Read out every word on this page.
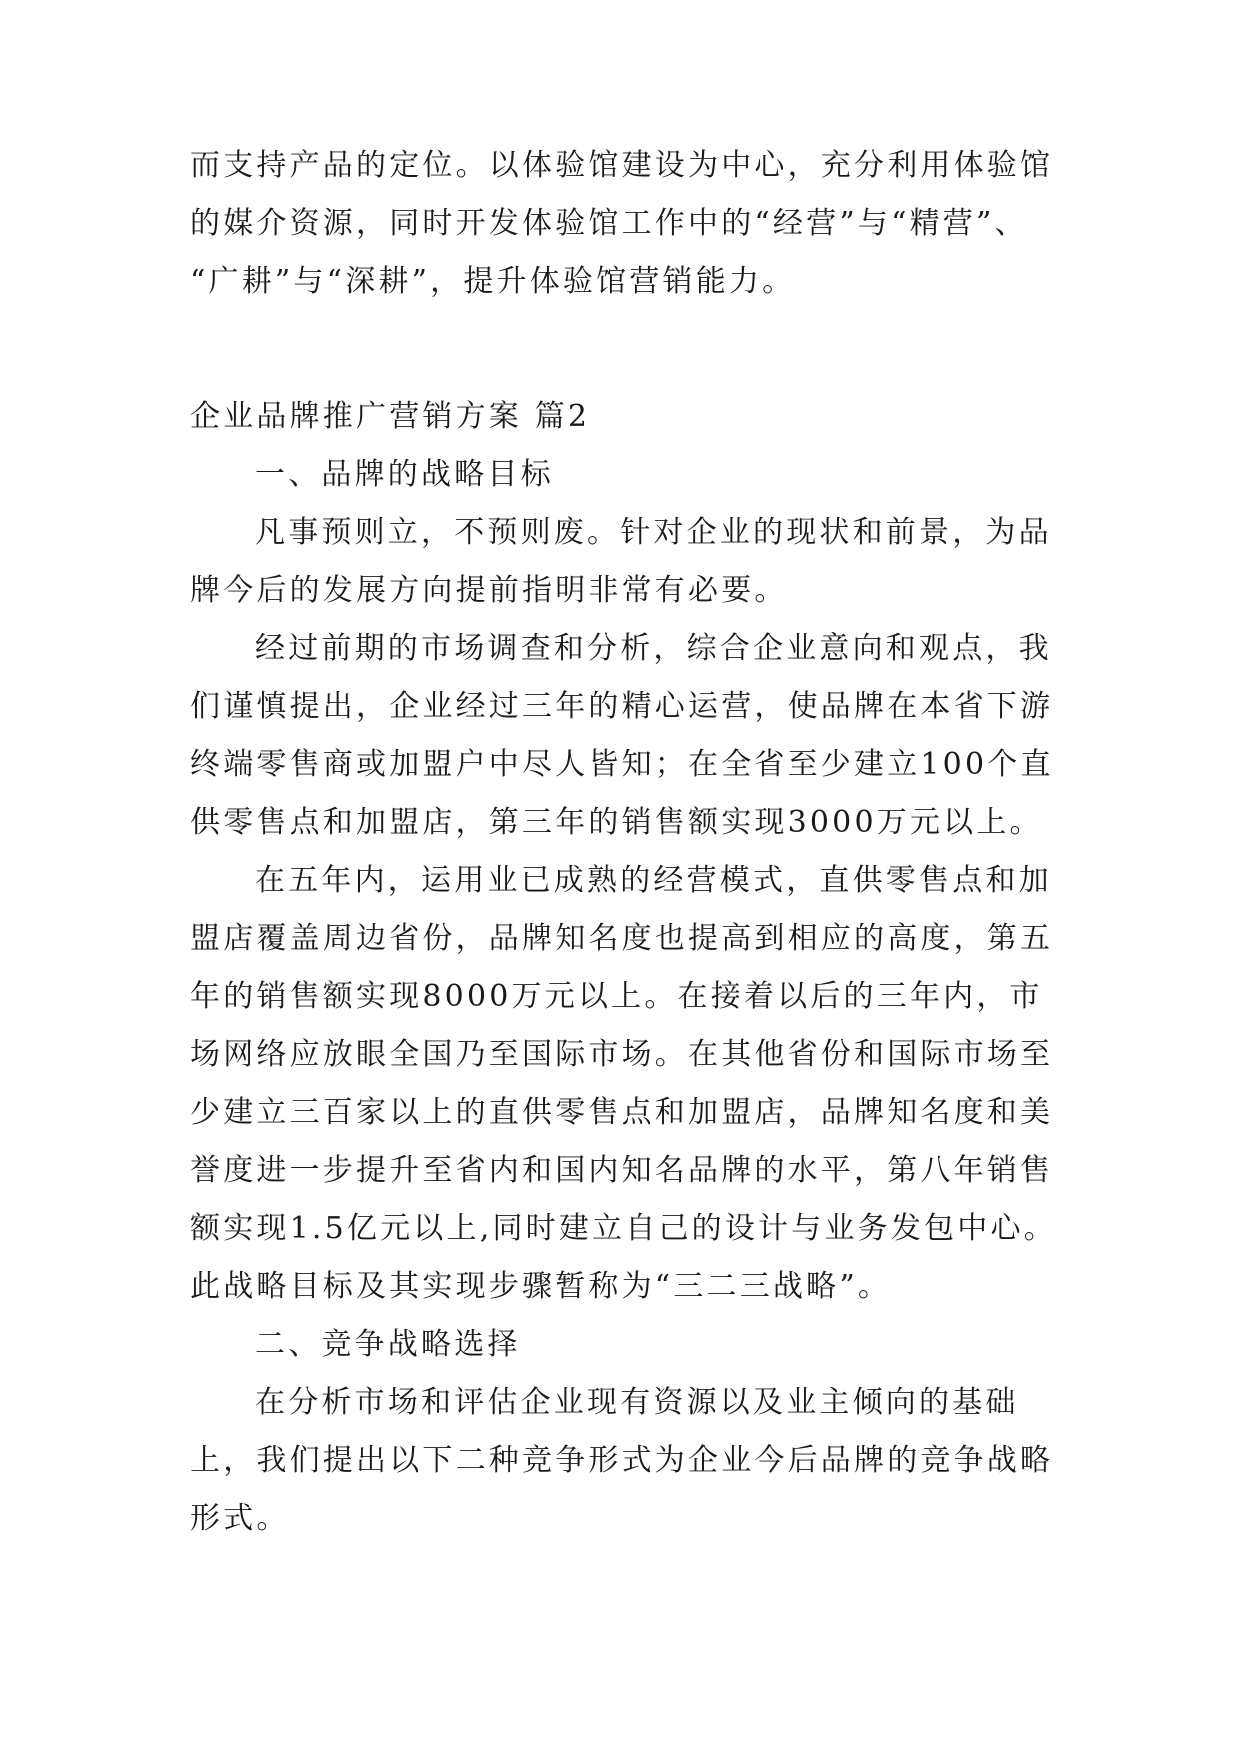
而支持产品的定位。以体验馆建设为中心，充分利用体验馆
的媒介资源，同时开发体验馆工作中的“经营”与“精营”、
“广耕”与“深耕”，提升体验馆营销能力。
企业品牌推广营销方案 篇2
一、品牌的战略目标
凡事预则立，不预则废。针对企业的现状和前景，为品
牌今后的发展方向提前指明非常有必要。
经过前期的市场调查和分析，综合企业意向和观点，我
们谨慎提出，企业经过三年的精心运营，使品牌在本省下游
终端零售商或加盟户中尽人皆知；在全省至少建立100个直
供零售点和加盟店，第三年的销售额实现3000万元以上。
在五年内，运用业已成熟的经营模式，直供零售点和加
盟店覆盖周边省份，品牌知名度也提高到相应的高度，第五
年的销售额实现8000万元以上。在接着以后的三年内，市
场网络应放眼全国乃至国际市场。在其他省份和国际市场至
少建立三百家以上的直供零售点和加盟店，品牌知名度和美
誉度进一步提升至省内和国内知名品牌的水平，第八年销售
额实现1.5亿元以上,同时建立自己的设计与业务发包中心。
此战略目标及其实现步骤暂称为“三二三战略”。
二、竞争战略选择
在分析市场和评估企业现有资源以及业主倾向的基础
上，我们提出以下二种竞争形式为企业今后品牌的竞争战略
形式。
